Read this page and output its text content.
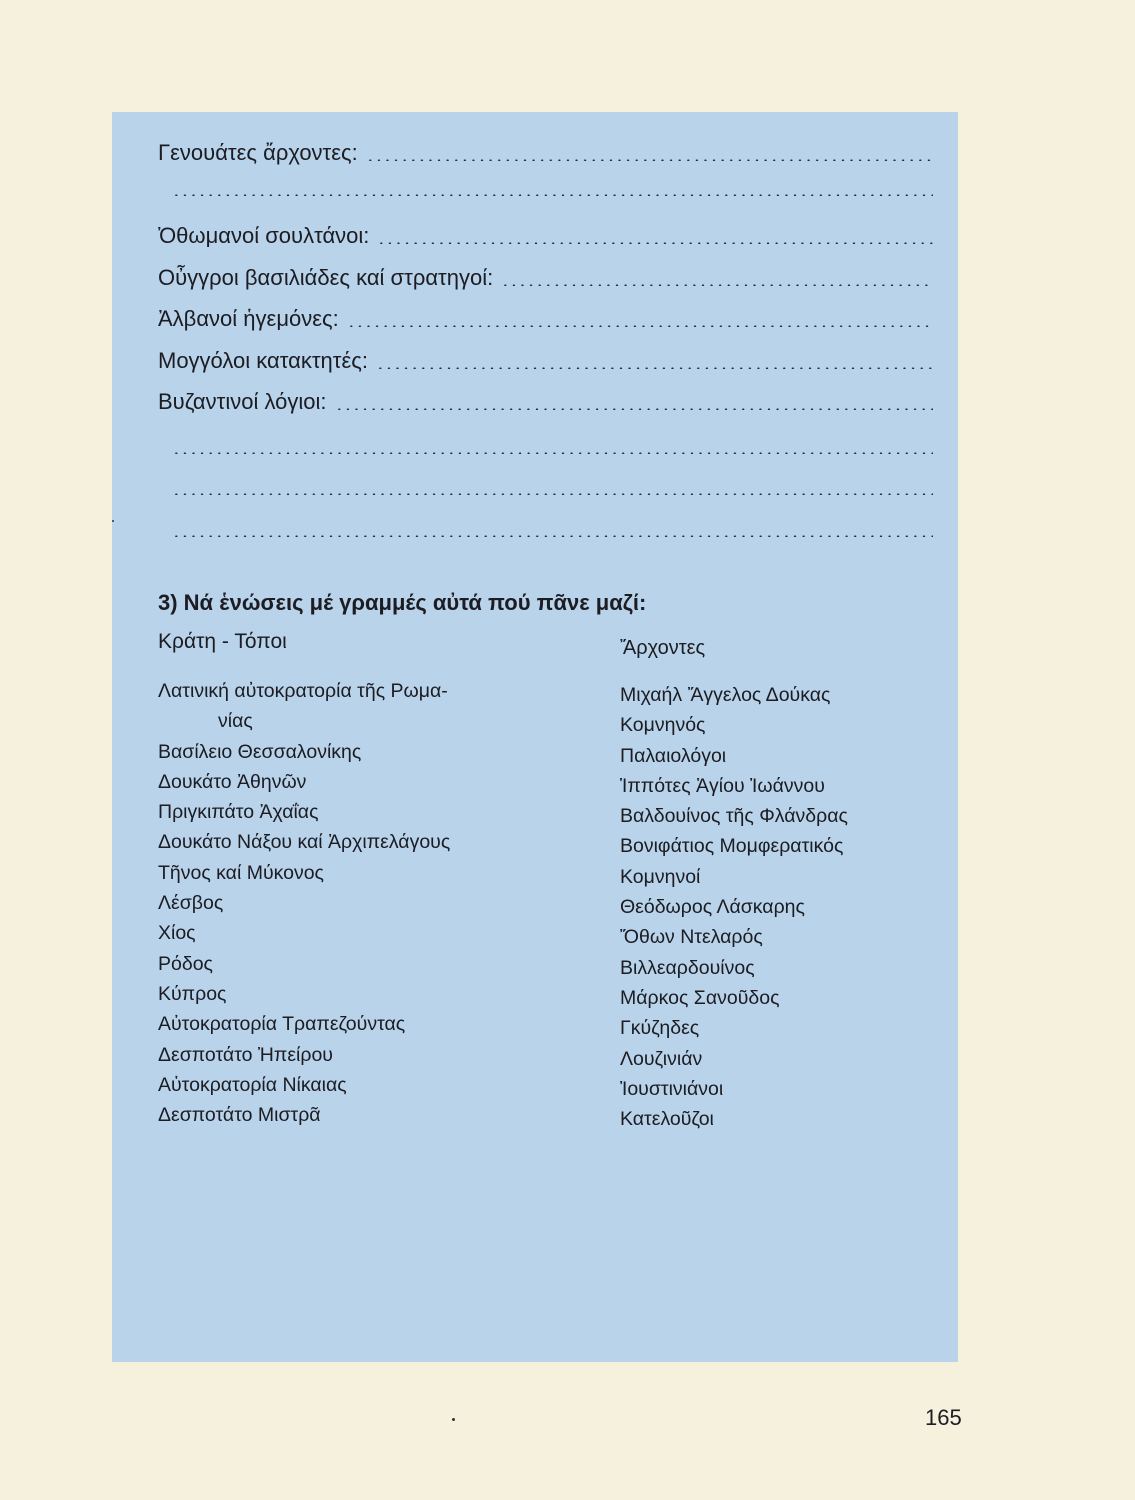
Γενουάτες ἄρχοντες:
Ὀθωμανοί σουλτάνοι:
Οὖγγροι βασιλιάδες καί στρατηγοί:
Ἀλβανοί ἡγεμόνες:
Μογγόλοι κατακτητές:
Βυζαντινοί λόγιοι:
3) Νά ἑνώσεις μέ γραμμές αὐτά πού πᾶνε μαζί:
Κράτη - Τόποι	Ἄρχοντες
Λατινική αὐτοκρατορία τῆς Ρωμα-
νίας
Βασίλειο Θεσσαλονίκης
Δουκάτο Ἀθηνῶν
Πριγκιπάτο Ἀχαΐας
Δουκάτο Νάξου καί Ἀρχιπελάγους
Τῆνος καί Μύκονος
Λέσβος
Χίος
Ρόδος
Κύπρος
Αὐτοκρατορία Τραπεζούντας
Δεσποτάτο Ἠπείρου
Αὐτοκρατορία Νίκαιας
Δεσποτάτο Μιστρᾶ
Μιχαήλ Ἄγγελος Δούκας
Κομνηνός
Παλαιολόγοι
Ἱππότες Ἁγίου Ἰωάννου
Βαλδουίνος τῆς Φλάνδρας
Βονιφάτιος Μομφερατικός
Κομνηνοί
Θεόδωρος Λάσκαρης
Ὄθων Ντελαρός
Βιλλεαρδουίνος
Μάρκος Σανοῦδος
Γκύζηδες
Λουζινιάν
Ἰουστινιάνοι
Κατελοῦζοι
165
